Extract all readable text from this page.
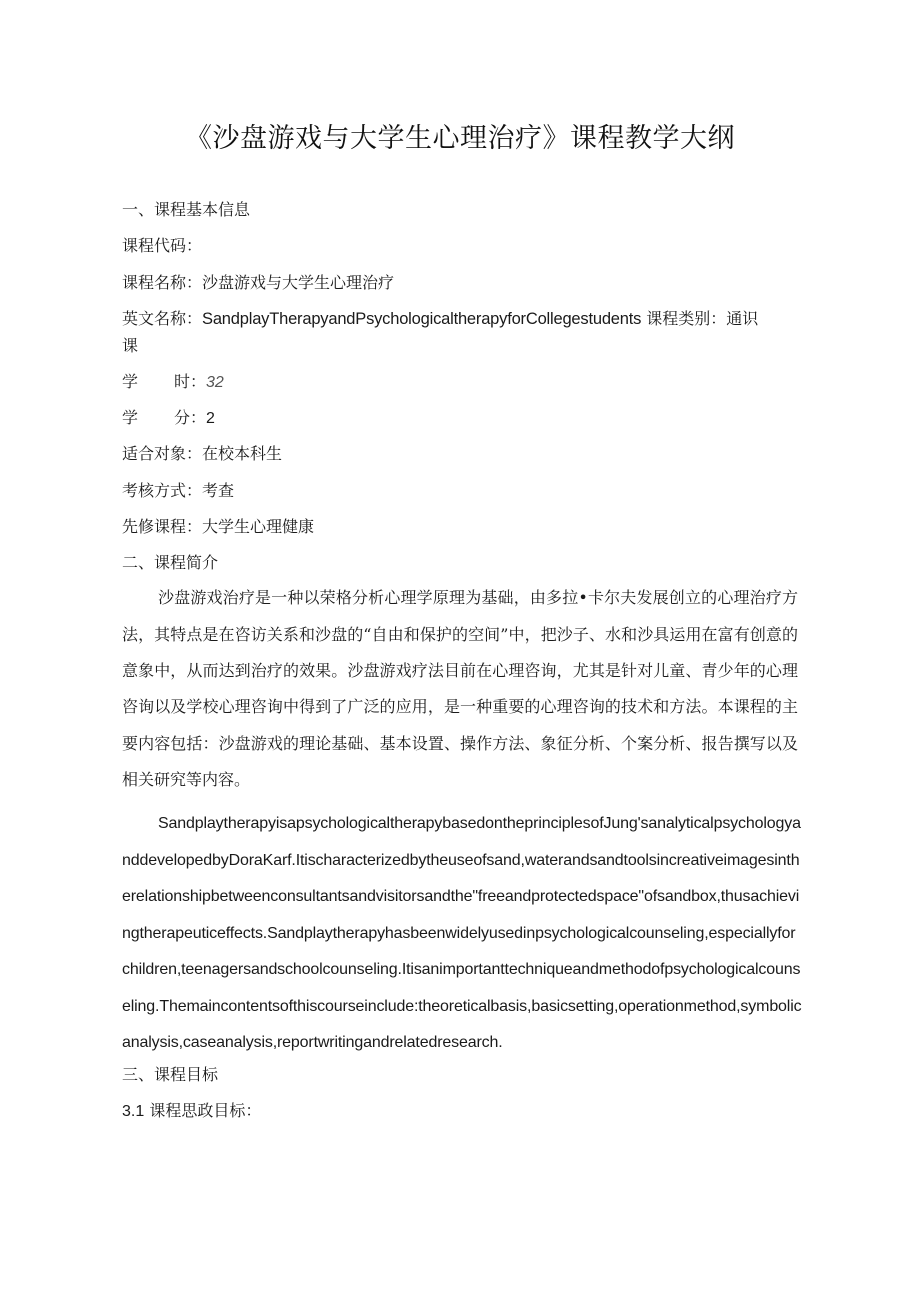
《沙盘游戏与大学生心理治疗》课程教学大纲
一、课程基本信息
课程代码：
课程名称：沙盘游戏与大学生心理治疗
英文名称：SandplayTherapyandPsychologicaltherapyforCollegestudents 课程类别：通识
课
学 时：32
学 分：2
适合对象：在校本科生
考核方式：考查
先修课程：大学生心理健康
二、课程简介
沙盘游戏治疗是一种以荣格分析心理学原理为基础，由多拉•卡尔夫发展创立的心理治疗方法，其特点是在咨访关系和沙盘的“自由和保护的空间”中，把沙子、水和沙具运用在富有创意的意象中，从而达到治疗的效果。沙盘游戏疗法目前在心理咨询，尤其是针对儿童、青少年的心理咨询以及学校心理咨询中得到了广泛的应用，是一种重要的心理咨询的技术和方法。本课程的主要内容包括：沙盘游戏的理论基础、基本设置、操作方法、象征分析、个案分析、报告撰写以及相关研究等内容。
SandplaytherapyisapsychologicaltherapybasedontheprinciplesofJung'sanalyticalpsychologyanddevelopedbyDoraKarf.Itischaracterizedbytheuseofsand,waterandsandtoolsincreativeimagesintherelationshipbetweenconsultantsandvisitorsandthe"freeandprotectedspace"ofsandbox,thusachievingtherapeuticeffects.Sandplaytherapyhasbeenwidelyusedinpsychologicalcounseling,especiallyforchildren,teenagersandschoolcounseling.Itisanimportanttechniqueandmethodofpsychologicalcounseling.Themaincontentsofthiscourseinclude:theoreticalbasis,basicsetting,operationmethod,symbolicanalysis,caseanalysis,reportwritingandrelatedresearch.
三、课程目标
3.1 课程思政目标：
